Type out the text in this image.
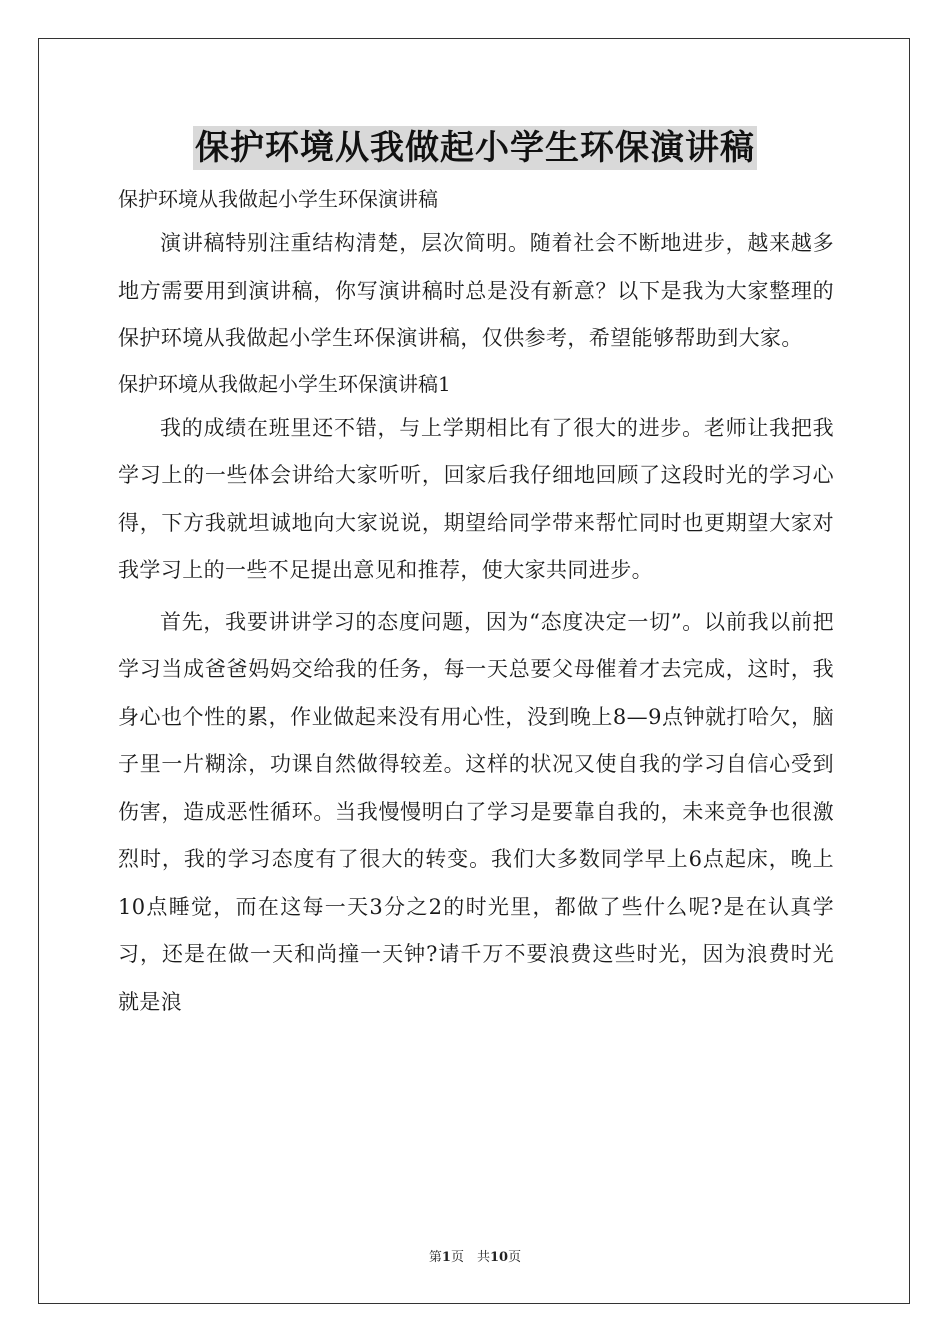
保护环境从我做起小学生环保演讲稿

保护环境从我做起小学生环保演讲稿

演讲稿特别注重结构清楚，层次简明。随着社会不断地进步，越来越多地方需要用到演讲稿，你写演讲稿时总是没有新意？以下是我为大家整理的保护环境从我做起小学生环保演讲稿，仅供参考，希望能够帮助到大家。

保护环境从我做起小学生环保演讲稿1

我的成绩在班里还不错，与上学期相比有了很大的进步。老师让我把我学习上的一些体会讲给大家听听，回家后我仔细地回顾了这段时光的学习心得，下方我就坦诚地向大家说说，期望给同学带来帮忙同时也更期望大家对我学习上的一些不足提出意见和推荐，使大家共同进步。

首先，我要讲讲学习的态度问题，因为“态度决定一切”。以前我以前把学习当成爸爸妈妈交给我的任务，每一天总要父母催着才去完成，这时，我身心也个性的累，作业做起来没有用心性，没到晚上8—9点钟就打哈欠，脑子里一片糊涂，功课自然做得较差。这样的状况又使自我的学习自信心受到伤害，造成恶性循环。当我慢慢明白了学习是要靠自我的，未来竞争也很激烈时，我的学习态度有了很大的转变。我们大多数同学早上6点起床，晚上10点睡觉，而在这每一天3分之2的时光里，都做了些什么呢?是在认真学习，还是在做一天和尚撞一天钟?请千万不要浪费这些时光，因为浪费时光就是浪

第1页　共10页
